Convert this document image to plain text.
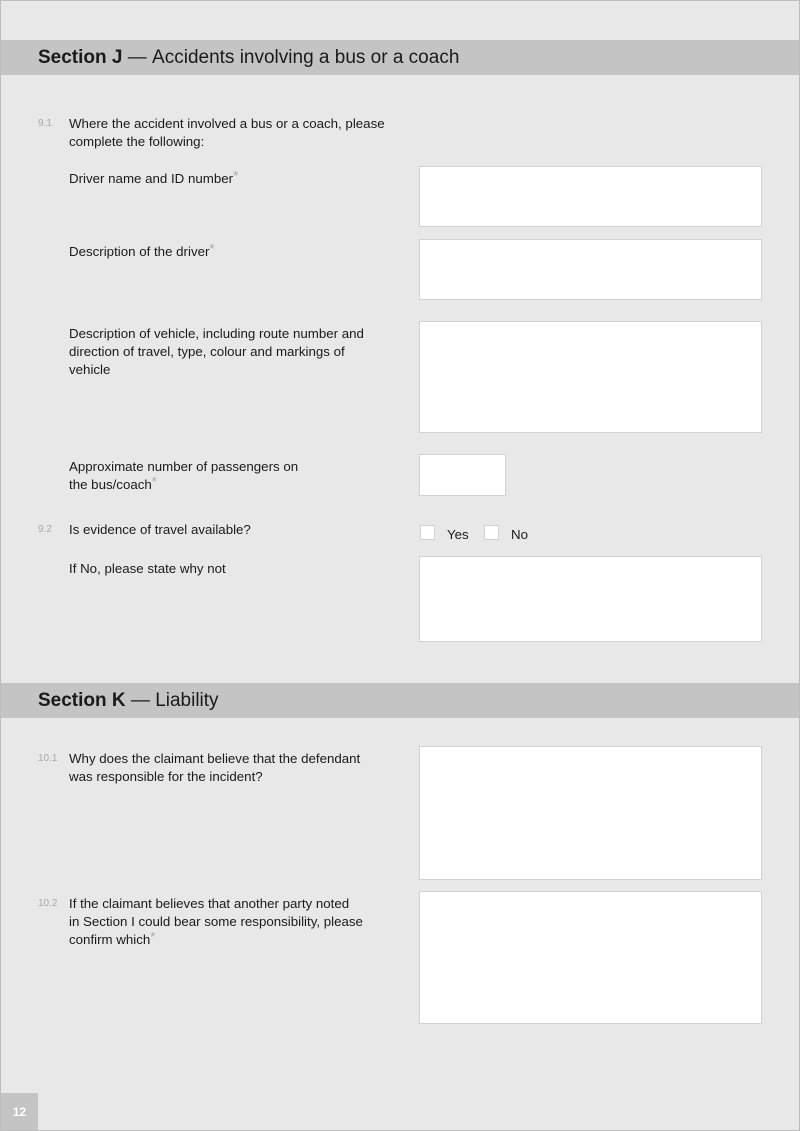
Section J — Accidents involving a bus or a coach
9.1 Where the accident involved a bus or a coach, please complete the following:
Driver name and ID number*
Description of the driver*
Description of vehicle, including route number and direction of travel, type, colour and markings of vehicle
Approximate number of passengers on
the bus/coach*
9.2 Is evidence of travel available?	Yes	No
If No, please state why not
Section K — Liability
10.1 Why does the claimant believe that the defendant
was responsible for the incident?
10.2 If the claimant believes that another party noted
in Section I could bear some responsibility, please
confirm which*
12
